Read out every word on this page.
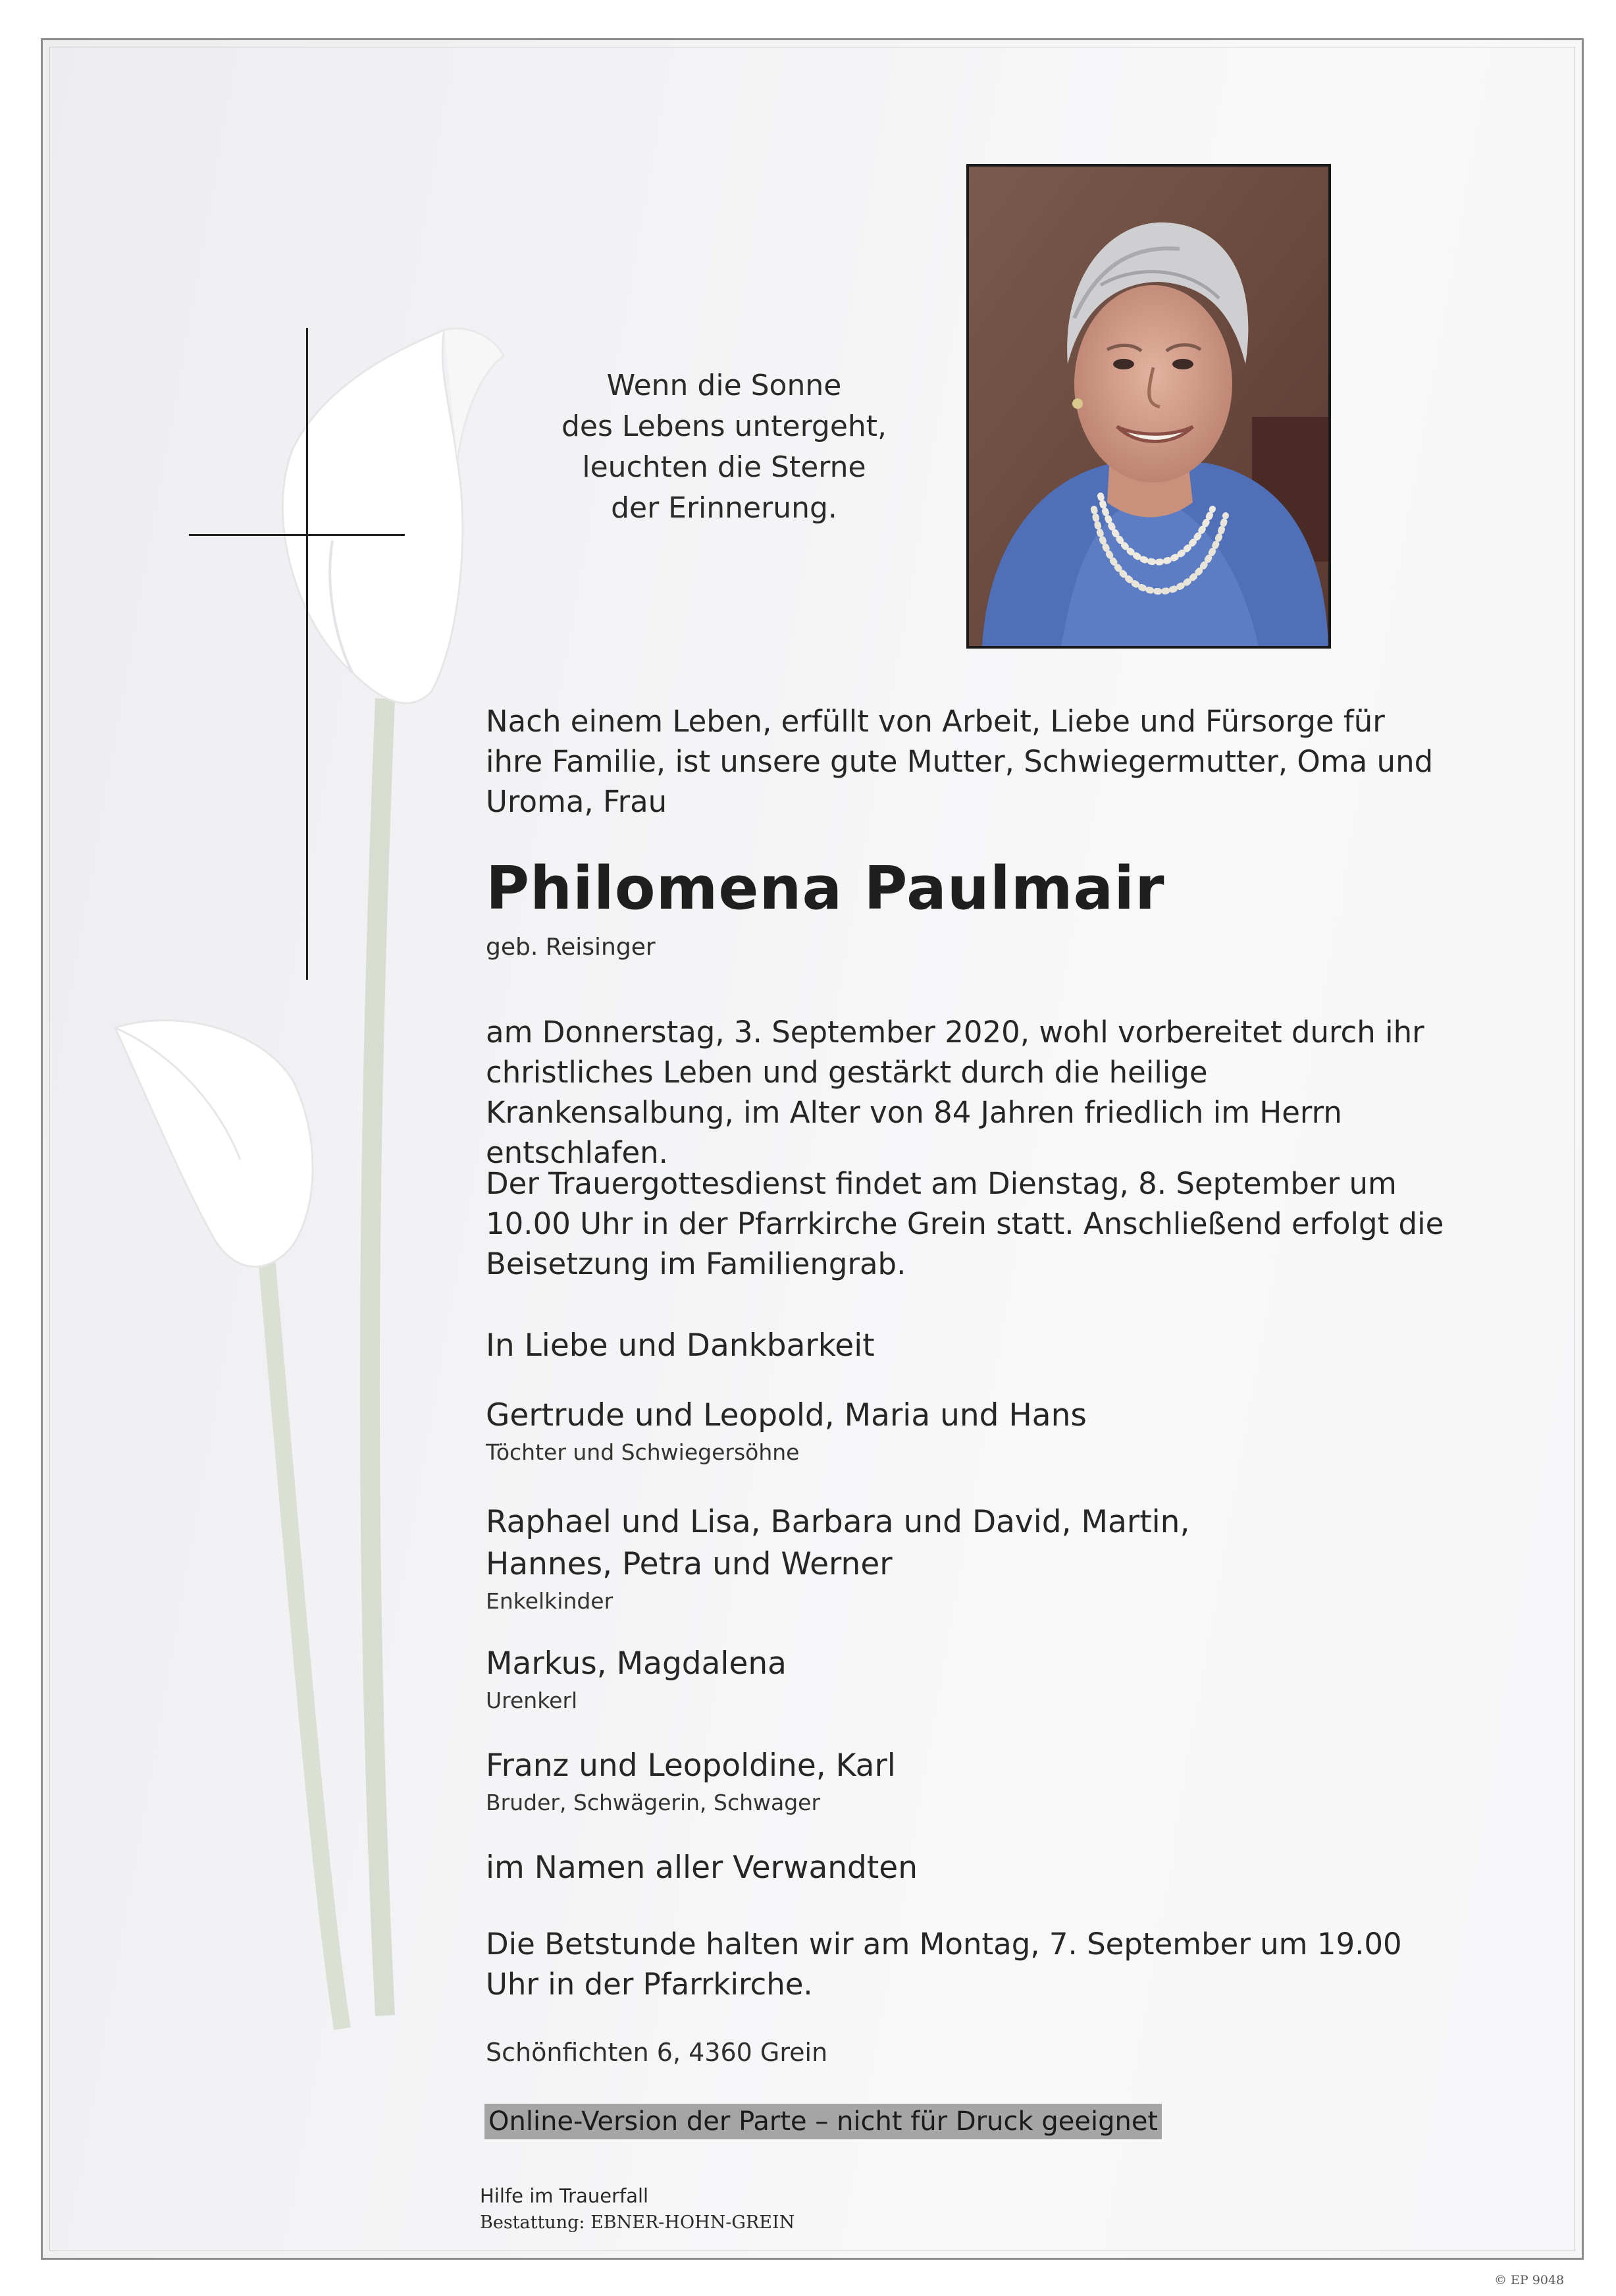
Wenn die Sonne
des Lebens untergeht,
leuchten die Sterne
der Erinnerung.

Nach einem Leben, erfüllt von Arbeit, Liebe und Fürsorge für ihre Familie, ist unsere gute Mutter, Schwiegermutter, Oma und Uroma, Frau

Philomena Paulmair

geb. Reisinger

am Donnerstag, 3. September 2020, wohl vorbereitet durch ihr christliches Leben und gestärkt durch die heilige Krankensalbung, im Alter von 84 Jahren friedlich im Herrn entschlafen.

Der Trauergottesdienst findet am Dienstag, 8. September um 10.00 Uhr in der Pfarrkirche Grein statt. Anschließend erfolgt die Beisetzung im Familiengrab.

In Liebe und Dankbarkeit

Gertrude und Leopold, Maria und Hans

Töchter und Schwiegersöhne

Raphael und Lisa, Barbara und David, Martin,

Hannes, Petra und Werner

Enkelkinder

Markus, Magdalena

Urenkerl

Franz und Leopoldine, Karl

Bruder, Schwägerin, Schwager

im Namen aller Verwandten

Die Betstunde halten wir am Montag, 7. September um 19.00 Uhr in der Pfarrkirche.

Schönfichten 6, 4360 Grein

Online-Version der Parte – nicht für Druck geeignet
Hilfe im Trauerfall
Bestattung: EBNER-HOHN-GREIN
© EP 9048
